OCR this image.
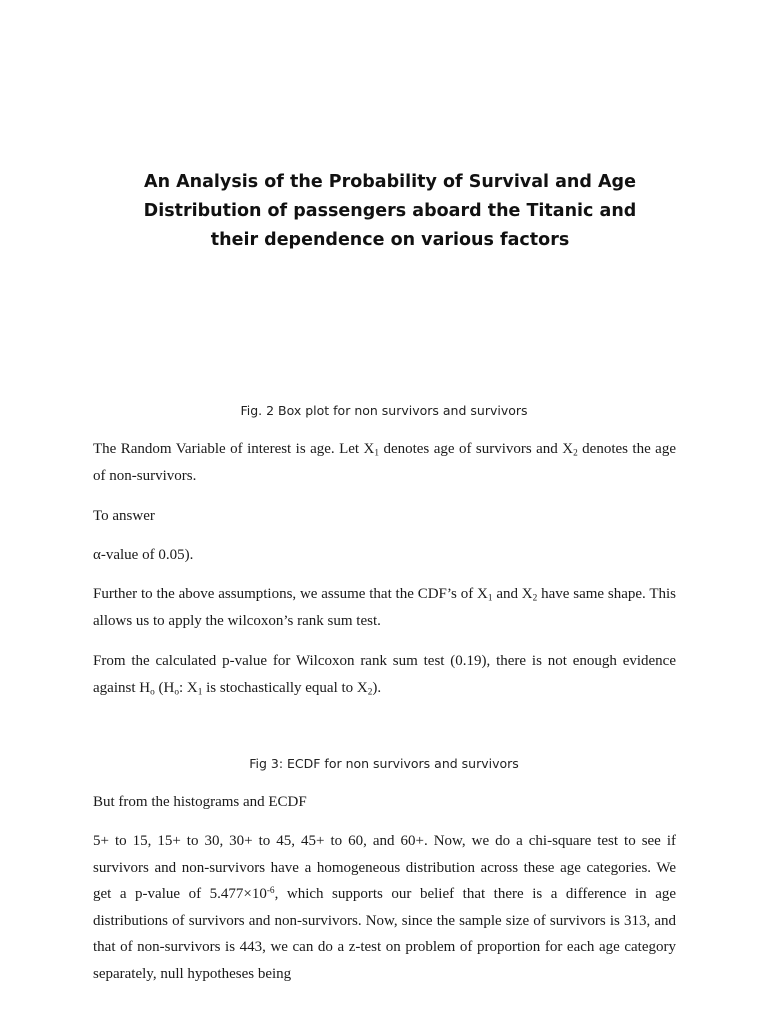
An Analysis of the Probability of Survival and Age
Distribution of passengers aboard the Titanic and
their dependence on various factors
Fig. 2 Box plot for non survivors and survivors
The Random Variable of interest is age. Let $X_1$ denotes age of survivors and $X_2$ denotes the age of non-survivors.
To answer
α-value of 0.05).
Further to the above assumptions, we assume that the CDF’s of $X_1$ and $X_2$ have same shape. This allows us to apply the wilcoxon’s rank sum test.
From the calculated p-value for Wilcoxon rank sum test (0.19), there is not enough evidence against $H_o$ ($H_o$: $X_1$ is stochastically equal to $X_2$).
Fig 3: ECDF for non survivors and survivors
But from the histograms and ECDF
5+ to 15, 15+ to 30, 30+ to 45, 45+ to 60, and 60+. Now, we do a chi-square test to see if survivors and non-survivors have a homogeneous distribution across these age categories. We get a p-value of $5.477\times 10^{-6}$, which supports our belief that there is a difference in age distributions of survivors and non-survivors. Now, since the sample size of survivors is 313, and that of non-survivors is 443, we can do a z-test on problem of proportion for each age category separately, null hypotheses being
